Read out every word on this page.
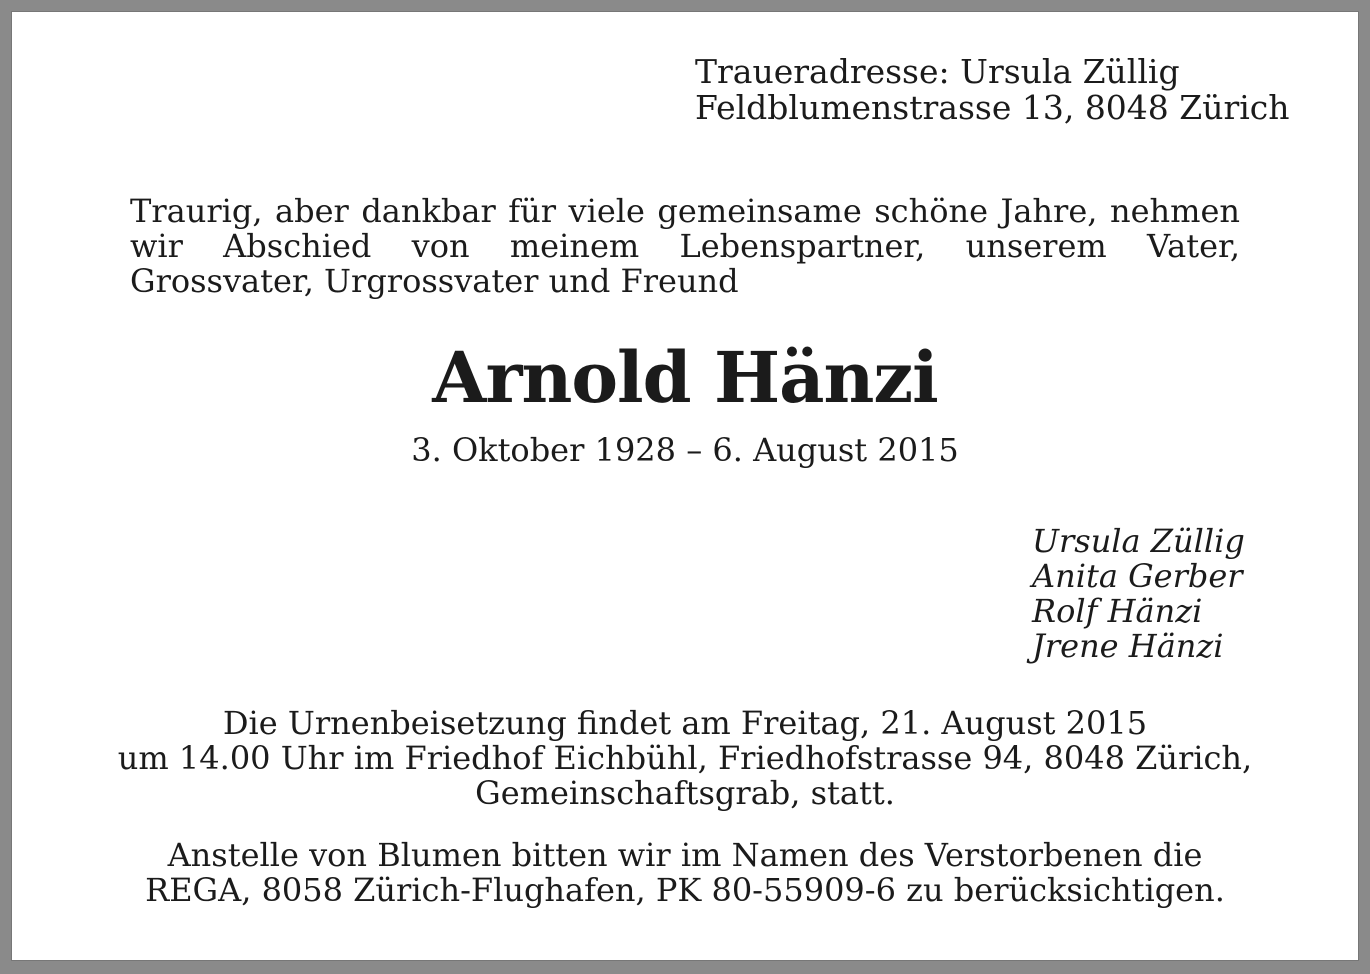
Traueradresse: Ursula Züllig
Feldblumenstrasse 13, 8048 Zürich
Traurig, aber dankbar für viele gemeinsame schöne Jahre, nehmen wir Abschied von meinem Lebenspartner, unserem Vater, Grossvater, Urgrossvater und Freund
Arnold Hänzi
3. Oktober 1928 – 6. August 2015
Ursula Züllig
Anita Gerber
Rolf Hänzi
Jrene Hänzi
Die Urnenbeisetzung findet am Freitag, 21. August 2015
um 14.00 Uhr im Friedhof Eichbühl, Friedhofstrasse 94, 8048 Zürich,
Gemeinschaftsgrab, statt.
Anstelle von Blumen bitten wir im Namen des Verstorbenen die
REGA, 8058 Zürich-Flughafen, PK 80-55909-6 zu berücksichtigen.
